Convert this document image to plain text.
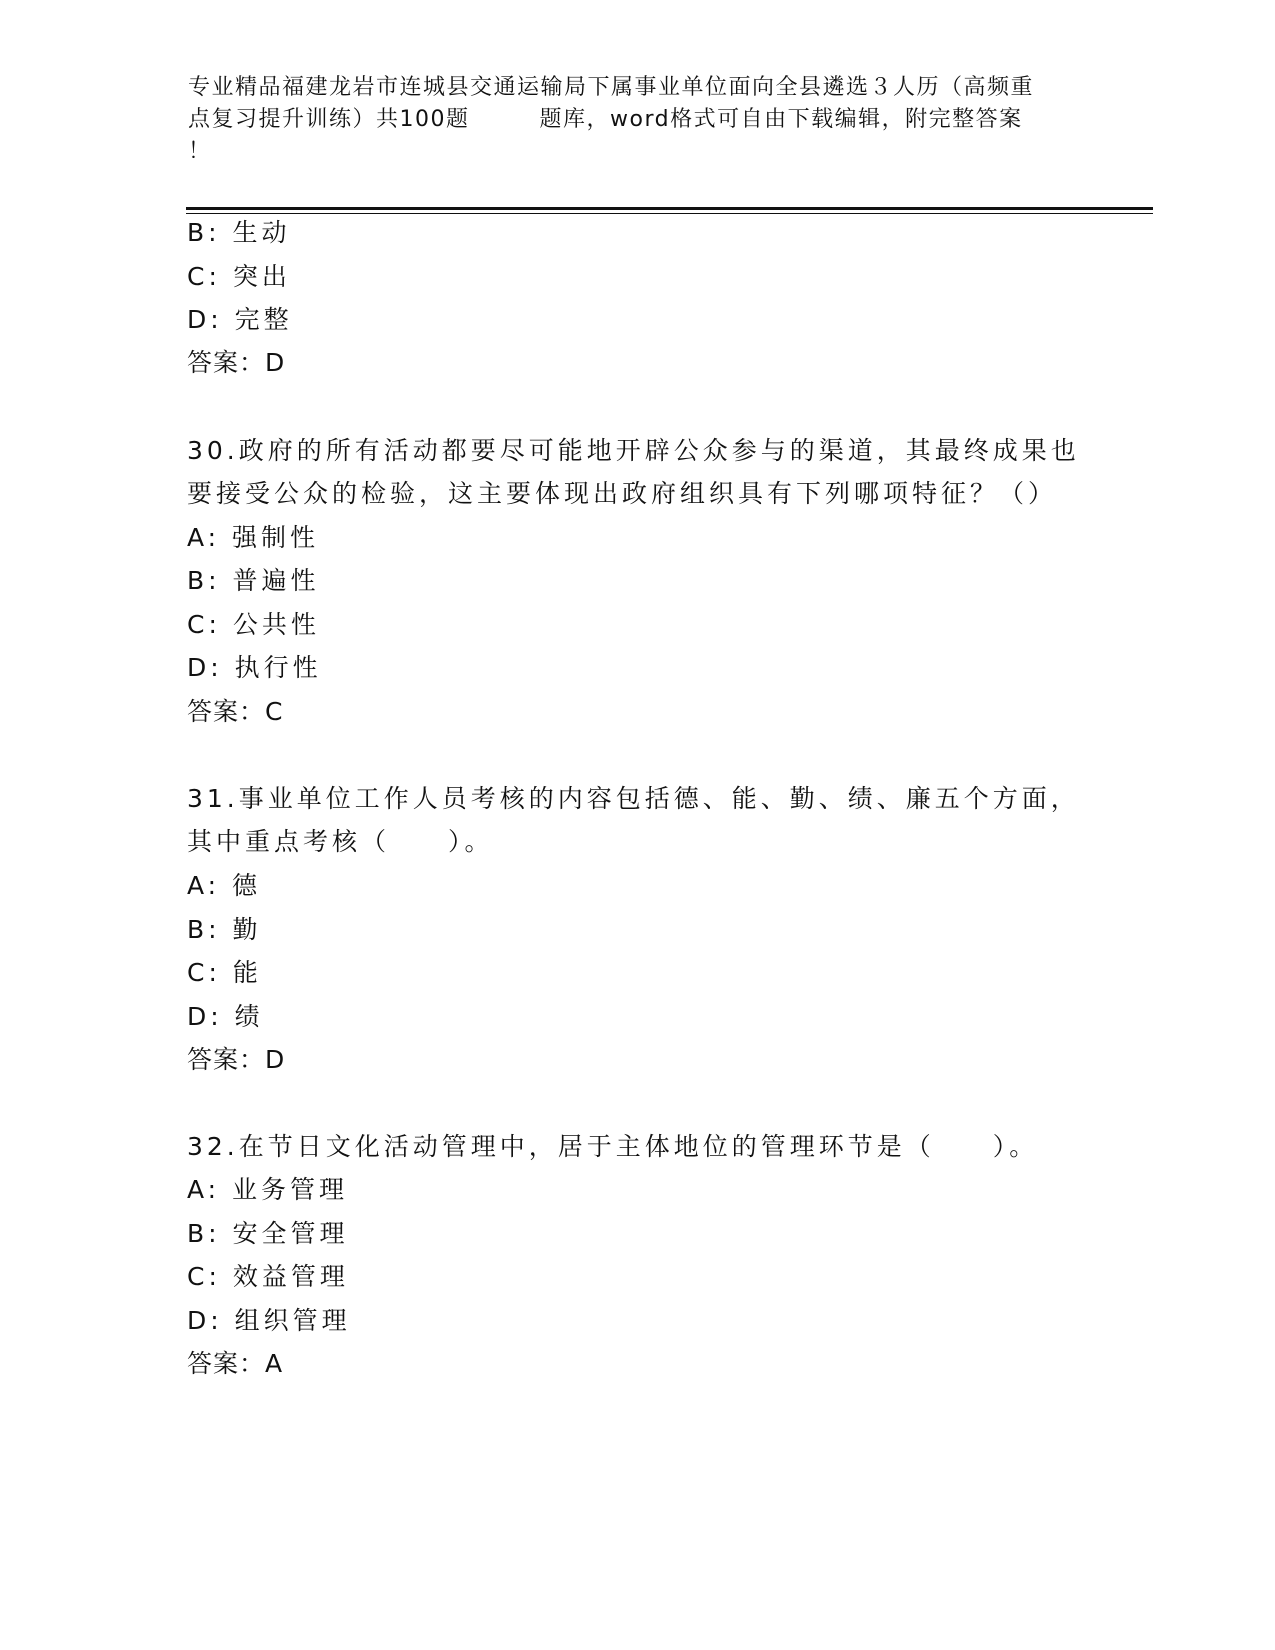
专业精品福建龙岩市连城县交通运输局下属事业单位面向全县遴选３人历（高频重
点复习提升训练）共100题	题库，word格式可自由下载编辑，附完整答案
！
B: 生动
C: 突出
D: 完整
答案：D
30.政府的所有活动都要尽可能地开辟公众参与的渠道，其最终成果也
要接受公众的检验，这主要体现出政府组织具有下列哪项特征？（）
A: 强制性
B: 普遍性
C: 公共性
D: 执行性
答案：C
31.事业单位工作人员考核的内容包括德、能、勤、绩、廉五个方面，
其中重点考核（　　）。
A: 德
B: 勤
C: 能
D: 绩
答案：D
32.在节日文化活动管理中，居于主体地位的管理环节是（　　）。
A: 业务管理
B: 安全管理
C: 效益管理
D: 组织管理
答案：A
